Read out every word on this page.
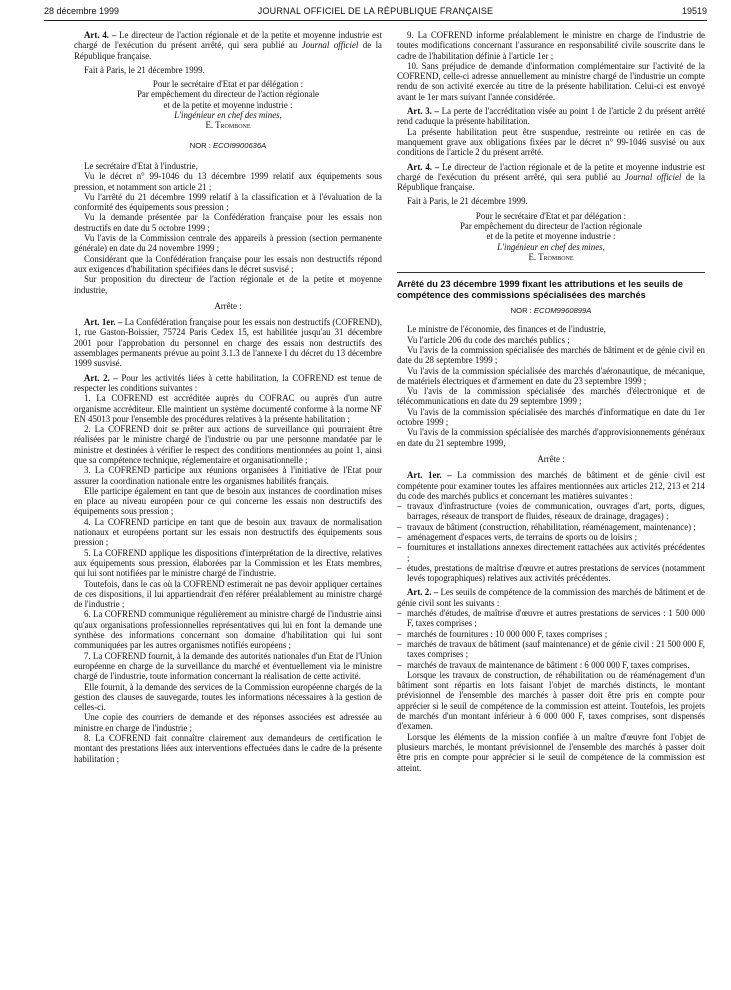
28 décembre 1999	JOURNAL OFFICIEL DE LA RÉPUBLIQUE FRANÇAISE	19519

Art. 4. – Le directeur de l'action régionale et de la petite et moyenne industrie est chargé de l'exécution du présent arrêté, qui sera publié au Journal officiel de la République française.

Fait à Paris, le 21 décembre 1999.

Pour le secrétaire d'Etat et par délégation :

Par empêchement du directeur de l'action régionale

et de la petite et moyenne industrie :

L'ingénieur en chef des mines,

E. Trombone

NOR : ECOI9900636A

Le secrétaire d'Etat à l'industrie,

Vu le décret n° 99-1046 du 13 décembre 1999 relatif aux équipements sous pression, et notamment son article 21 ;

Vu l'arrêté du 21 décembre 1999 relatif à la classification et à l'évaluation de la conformité des équipements sous pression ;

Vu la demande présentée par la Confédération française pour les essais non destructifs en date du 5 octobre 1999 ;

Vu l'avis de la Commission centrale des appareils à pression (section permanente générale) en date du 24 novembre 1999 ;

Considérant que la Confédération française pour les essais non destructifs répond aux exigences d'habilitation spécifiées dans le décret susvisé ;

Sur proposition du directeur de l'action régionale et de la petite et moyenne industrie,

Arrête :

Art. 1er. – La Confédération française pour les essais non destructifs (COFREND), 1, rue Gaston-Boissier, 75724 Paris Cedex 15, est habilitée jusqu'au 31 décembre 2001 pour l'approbation du personnel en charge des essais non destructifs des assemblages permanents prévue au point 3.1.3 de l'annexe I du décret du 13 décembre 1999 susvisé.

Art. 2. – Pour les activités liées à cette habilitation, la COFREND est tenue de respecter les conditions suivantes :

1. La COFREND est accréditée auprès du COFRAC ou auprès d'un autre organisme accréditeur. Elle maintient un système documenté conforme à la norme NF EN 45013 pour l'ensemble des procédures relatives à la présente habilitation ;

2. La COFREND doit se prêter aux actions de surveillance qui pourraient être réalisées par le ministre chargé de l'industrie ou par une personne mandatée par le ministre et destinées à vérifier le respect des conditions mentionnées au point 1, ainsi que sa compétence technique, réglementaire et organisationnelle ;

3. La COFREND participe aux réunions organisées à l'initiative de l'Etat pour assurer la coordination nationale entre les organismes habilités français.

Elle participe également en tant que de besoin aux instances de coordination mises en place au niveau européen pour ce qui concerne les essais non destructifs des équipements sous pression ;

4. La COFREND participe en tant que de besoin aux travaux de normalisation nationaux et européens portant sur les essais non destructifs des équipements sous pression ;

5. La COFREND applique les dispositions d'interprétation de la directive, relatives aux équipements sous pression, élaborées par la Commission et les Etats membres, qui lui sont notifiées par le ministre chargé de l'industrie.

Toutefois, dans le cas où la COFREND estimerait ne pas devoir appliquer certaines de ces dispositions, il lui appartiendrait d'en référer préalablement au ministre chargé de l'industrie ;

6. La COFREND communique régulièrement au ministre chargé de l'industrie ainsi qu'aux organisations professionnelles représentatives qui lui en font la demande une synthèse des informations concernant son domaine d'habilitation qui lui sont communiquées par les autres organismes notifiés européens ;

7. La COFREND fournit, à la demande des autorités nationales d'un Etat de l'Union européenne en charge de la surveillance du marché et éventuellement via le ministre chargé de l'industrie, toute information concernant la réalisation de cette activité.

Elle fournit, à la demande des services de la Commission européenne chargés de la gestion des clauses de sauvegarde, toutes les informations nécessaires à la gestion de celles-ci.

Une copie des courriers de demande et des réponses associées est adressée au ministre en charge de l'industrie ;

8. La COFREND fait connaître clairement aux demandeurs de certification le montant des prestations liées aux interventions effectuées dans le cadre de la présente habilitation ;

9. La COFREND informe préalablement le ministre en charge de l'industrie de toutes modifications concernant l'assurance en responsabilité civile souscrite dans le cadre de l'habilitation définie à l'article 1er ;

10. Sans préjudice de demande d'information complémentaire sur l'activité de la COFREND, celle-ci adresse annuellement au ministre chargé de l'industrie un compte rendu de son activité exercée au titre de la présente habilitation. Celui-ci est envoyé avant le 1er mars suivant l'année considérée.

Art. 3. – La perte de l'accréditation visée au point 1 de l'article 2 du présent arrêté rend caduque la présente habilitation.

La présente habilitation peut être suspendue, restreinte ou retirée en cas de manquement grave aux obligations fixées par le décret n° 99-1046 susvisé ou aux conditions de l'article 2 du présent arrêté.

Art. 4. – Le directeur de l'action régionale et de la petite et moyenne industrie est chargé de l'exécution du présent arrêté, qui sera publié au Journal officiel de la République française.

Fait à Paris, le 21 décembre 1999.

Pour le secrétaire d'Etat et par délégation :

Par empêchement du directeur de l'action régionale

et de la petite et moyenne industrie :

L'ingénieur en chef des mines,

E. Trombone

Arrêté du 23 décembre 1999 fixant les attributions et les seuils de compétence des commissions spécialisées des marchés

NOR : ECOM9960899A

Le ministre de l'économie, des finances et de l'industrie,

Vu l'article 206 du code des marchés publics ;

Vu l'avis de la commission spécialisée des marchés de bâtiment et de génie civil en date du 28 septembre 1999 ;

Vu l'avis de la commission spécialisée des marchés d'aéronautique, de mécanique, de matériels électriques et d'armement en date du 23 septembre 1999 ;

Vu l'avis de la commission spécialisée des marchés d'électronique et de télécommunications en date du 29 septembre 1999 ;

Vu l'avis de la commission spécialisée des marchés d'informatique en date du 1er octobre 1999 ;

Vu l'avis de la commission spécialisée des marchés d'approvisionnements généraux en date du 21 septembre 1999,

Arrête :

Art. 1er. – La commission des marchés de bâtiment et de génie civil est compétente pour examiner toutes les affaires mentionnées aux articles 212, 213 et 214 du code des marchés publics et concernant les matières suivantes :

– travaux d'infrastructure (voies de communication, ouvrages d'art, ports, digues, barrages, réseaux de transport de fluides, réseaux de drainage, dragages) ;
– travaux de bâtiment (construction, réhabilitation, réaménagement, maintenance) ;
– aménagement d'espaces verts, de terrains de sports ou de loisirs ;
– fournitures et installations annexes directement rattachées aux activités précédentes ;
– études, prestations de maîtrise d'œuvre et autres prestations de services (notamment levés topographiques) relatives aux activités précédentes.

Art. 2. – Les seuils de compétence de la commission des marchés de bâtiment et de génie civil sont les suivants :

– marchés d'études, de maîtrise d'œuvre et autres prestations de services : 1 500 000 F, taxes comprises ;
– marchés de fournitures : 10 000 000 F, taxes comprises ;
– marchés de travaux de bâtiment (sauf maintenance) et de génie civil : 21 500 000 F, taxes comprises ;
– marchés de travaux de maintenance de bâtiment : 6 000 000 F, taxes comprises.

Lorsque les travaux de construction, de réhabilitation ou de réaménagement d'un bâtiment sont répartis en lots faisant l'objet de marchés distincts, le montant prévisionnel de l'ensemble des marchés à passer doit être pris en compte pour apprécier si le seuil de compétence de la commission est atteint. Toutefois, les projets de marchés d'un montant inférieur à 6 000 000 F, taxes comprises, sont dispensés d'examen.

Lorsque les éléments de la mission confiée à un maître d'œuvre font l'objet de plusieurs marchés, le montant prévisionnel de l'ensemble des marchés à passer doit être pris en compte pour apprécier si le seuil de compétence de la commission est atteint.
